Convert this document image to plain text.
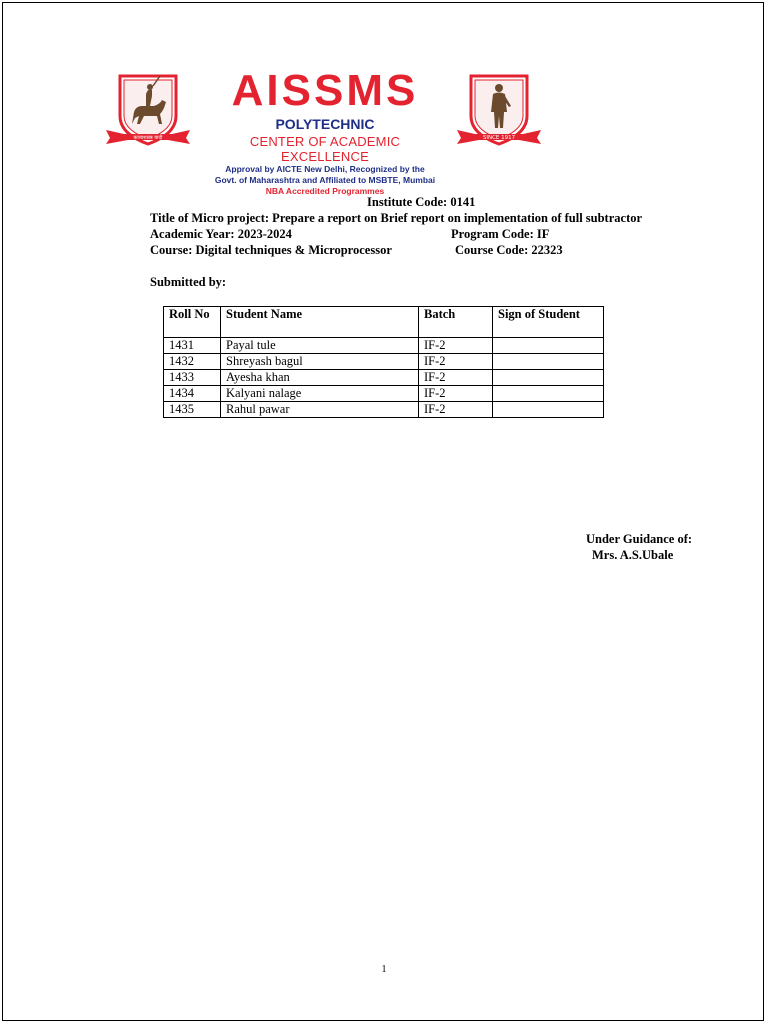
काव्यशास्त्र यादी
AISSMS
POLYTECHNIC
CENTER OF ACADEMIC EXCELLENCE
Approval by AICTE New Delhi, Recognized by the
Govt. of Maharashtra and Affiliated to MSBTE, Mumbai
NBA Accredited Programmes
SINCE 1917
Institute Code: 0141
Title of Micro project: Prepare a report on Brief report on implementation of full subtractor
Academic Year: 2023-2024	Program Code: IF
Course: Digital techniques & Microprocessor	Course Code: 22323
Submitted by:
Roll No	Student Name	Batch	Sign of Student
1431	Payal tule	IF-2	
1432	Shreyash bagul	IF-2	
1433	Ayesha khan	IF-2	
1434	Kalyani nalage	IF-2	
1435	Rahul pawar	IF-2	
Under Guidance of:
Mrs. A.S.Ubale
1
